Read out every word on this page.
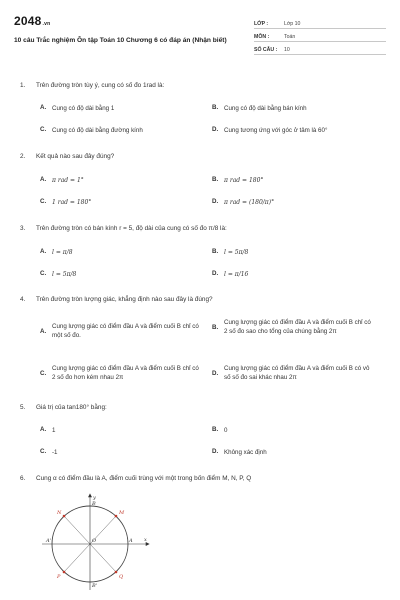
2048.vn
10 câu Trắc nghiệm Ôn tập Toán 10 Chương 6 có đáp án (Nhận biết)
LỚP :	Lớp 10
MÔN :	Toán
SỐ CÂU :	10
1.	Trên đường tròn tùy ý, cung có số đo 1rad là:
A. Cung có độ dài bằng 1	B. Cung có độ dài bằng bán kính
C. Cung có độ dài bằng đường kính	D. Cung tương ứng với góc ở tâm là 60°
2.	Kết quả nào sau đây đúng?
A. π rad = 1°	B. π rad = 180°
C. 1 rad = 180°	D. π rad = (180/π)°
3.	Trên đường tròn có bán kính r = 5, độ dài của cung có số đo π/8 là:
A. l = π/8	B. l = 5π/8
C. l = 5π/8	D. l = π/16
4.	Trên đường tròn lượng giác, khẳng định nào sau đây là đúng?
A.
Cung lượng giác có điểm đầu A và điểm cuối B chỉ có một số đo.
B.
Cung lượng giác có điểm đầu A và điểm cuối B chỉ có 2 số đo sao cho tổng của chúng bằng 2π
C.
Cung lượng giác có điểm đầu A và điểm cuối B chỉ có 2 số đo hơn kém nhau 2π
D.
Cung lượng giác có điểm đầu A và điểm cuối B có vô số số đo sai khác nhau 2π
5.	Giá trị của tan180° bằng:
A. 1	B. 0
C. -1	D. Không xác định
6.	Cung α có điểm đầu là A, điểm cuối trùng với một trong bốn điểm M, N, P, Q
y
x
O
B
B'
A
A'
N	M
P	Q
